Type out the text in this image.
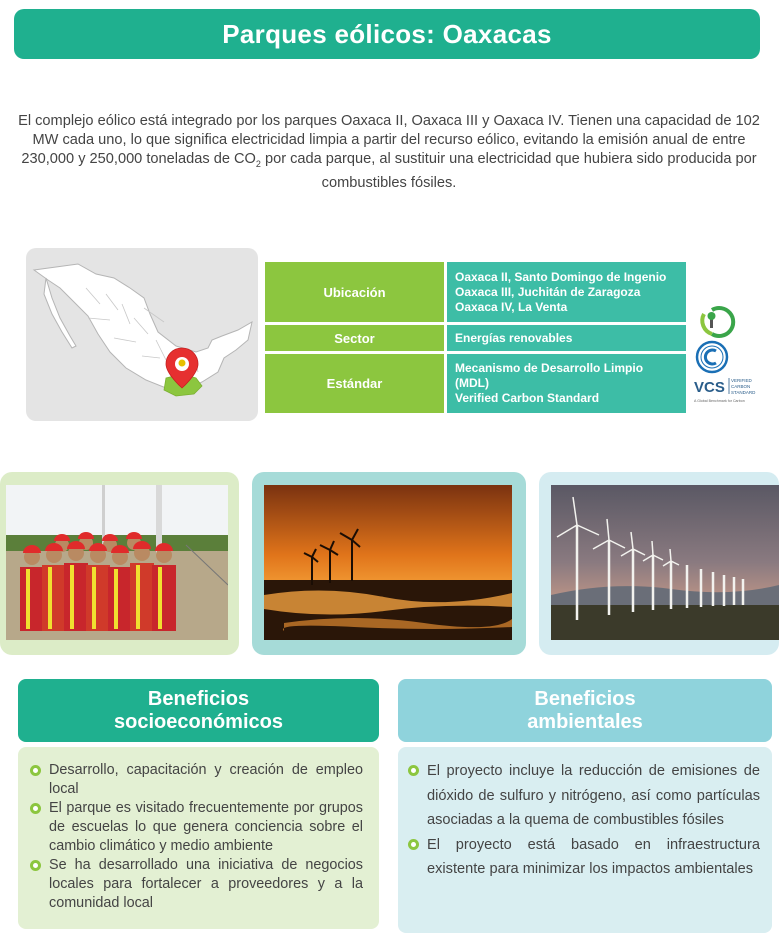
Parques eólicos: Oaxacas

El complejo eólico está integrado por los parques Oaxaca II, Oaxaca III y Oaxaca IV. Tienen una capacidad de 102 MW cada uno, lo que significa electricidad limpia a partir del recurso eólico, evitando la emisión anual de entre 230,000 y 250,000 toneladas de $CO_2$ por cada parque, al sustituir una electricidad que hubiera sido producida por combustibles fósiles.

Ubicación
Oaxaca II, Santo Domingo de Ingenio
Oaxaca III, Juchitán de Zaragoza
Oaxaca IV, La Venta
Sector	Energías renovables
Estándar
Mecanismo de Desarrollo Limpio (MDL)
Verified Carbon Standard
VCS VERIFIED
CARBON
STANDARD
A Global Benchmark for Carbon
Beneficios
socioeconómicos
Desarrollo, capacitación y creación de empleo local
El parque es visitado frecuentemente por grupos de escuelas lo que genera conciencia sobre el cambio climático y medio ambiente
Se ha desarrollado una iniciativa de negocios locales para fortalecer a proveedores y a la comunidad local
Beneficios
ambientales
El proyecto incluye la reducción de emisiones de dióxido de sulfuro y nitrógeno, así como partículas asociadas a la quema de combustibles fósiles
El proyecto está basado en infraestructura existente para minimizar los impactos ambientales
